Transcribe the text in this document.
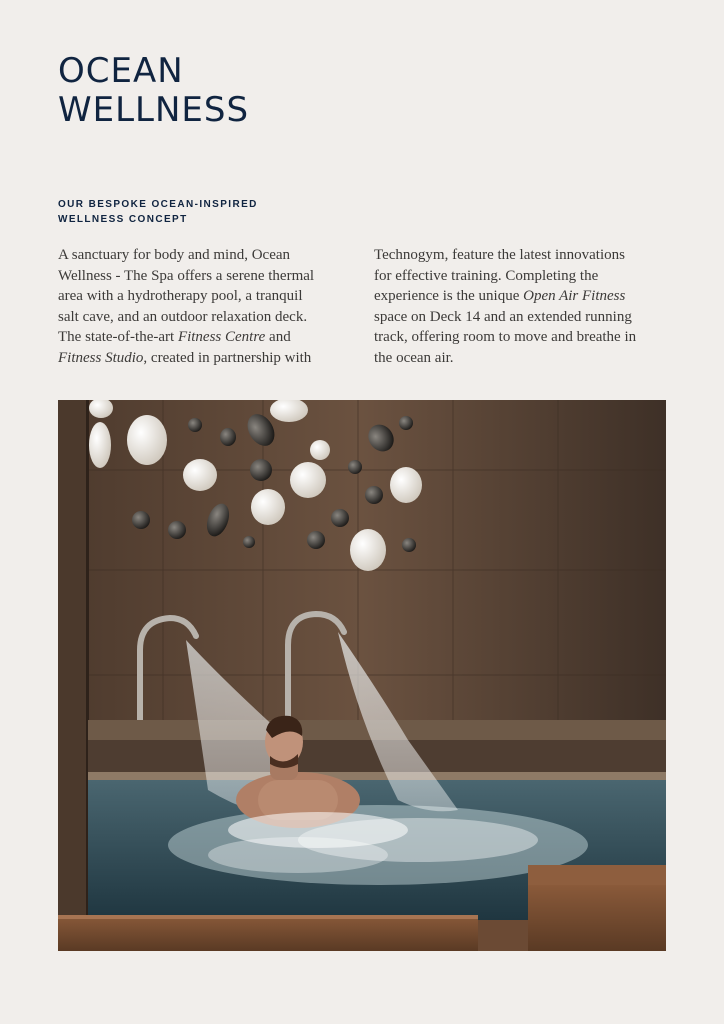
OCEAN
WELLNESS
OUR BESPOKE OCEAN-INSPIRED
WELLNESS CONCEPT
A sanctuary for body and mind, Ocean
Wellness - The Spa offers a serene thermal
area with a hydrotherapy pool, a tranquil
salt cave, and an outdoor relaxation deck.
The state-of-the-art Fitness Centre and
Fitness Studio, created in partnership with
Technogym, feature the latest innovations
for effective training. Completing the
experience is the unique Open Air Fitness
space on Deck 14 and an extended running
track, offering room to move and breathe in
the ocean air.
